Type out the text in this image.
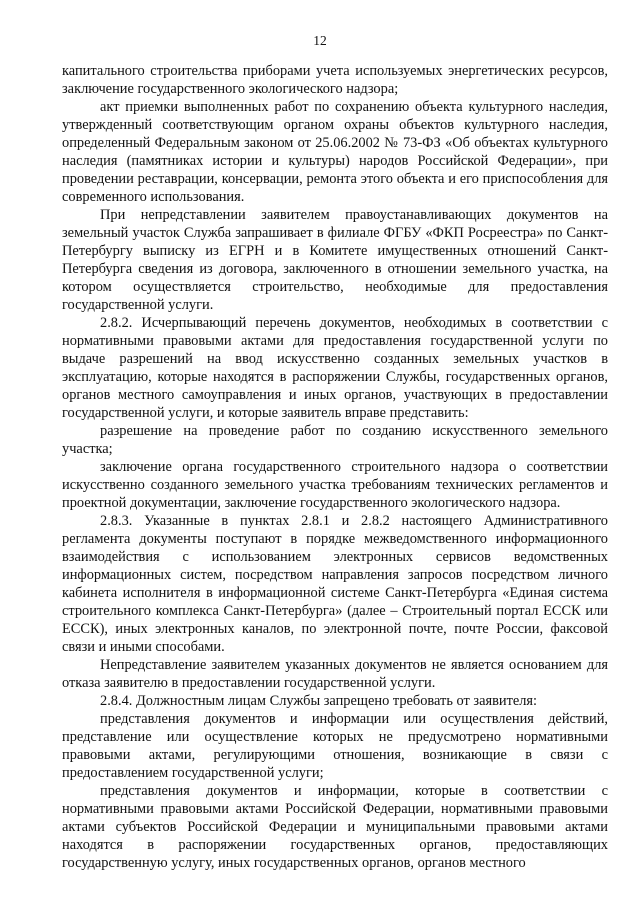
12

капитального строительства приборами учета используемых энергетических ресурсов, заключение государственного экологического надзора;

акт приемки выполненных работ по сохранению объекта культурного наследия, утвержденный соответствующим органом охраны объектов культурного наследия, определенный Федеральным законом от 25.06.2002 № 73-ФЗ «Об объектах культурного наследия (памятниках истории и культуры) народов Российской Федерации», при проведении реставрации, консервации, ремонта этого объекта и его приспособления для современного использования.

При непредставлении заявителем правоустанавливающих документов на земельный участок Служба запрашивает в филиале ФГБУ «ФКП Росреестра» по Санкт-Петербургу выписку из ЕГРН и в Комитете имущественных отношений Санкт-Петербурга сведения из договора, заключенного в отношении земельного участка, на котором осуществляется строительство, необходимые для предоставления государственной услуги.

2.8.2. Исчерпывающий перечень документов, необходимых в соответствии с нормативными правовыми актами для предоставления государственной услуги по выдаче разрешений на ввод искусственно созданных земельных участков в эксплуатацию, которые находятся в распоряжении Службы, государственных органов, органов местного самоуправления и иных органов, участвующих в предоставлении государственной услуги, и которые заявитель вправе представить:

разрешение на проведение работ по созданию искусственного земельного участка;

заключение органа государственного строительного надзора о соответствии искусственно созданного земельного участка требованиям технических регламентов и проектной документации, заключение государственного экологического надзора.

2.8.3. Указанные в пунктах 2.8.1 и 2.8.2 настоящего Административного регламента документы поступают в порядке межведомственного информационного взаимодействия с использованием электронных сервисов ведомственных информационных систем, посредством направления запросов посредством личного кабинета исполнителя в информационной системе Санкт-Петербурга «Единая система строительного комплекса Санкт-Петербурга» (далее – Строительный портал ЕССК или ЕССК), иных электронных каналов, по электронной почте, почте России, факсовой связи и иными способами.

Непредставление заявителем указанных документов не является основанием для отказа заявителю в предоставлении государственной услуги.

2.8.4. Должностным лицам Службы запрещено требовать от заявителя:

представления документов и информации или осуществления действий, представление или осуществление которых не предусмотрено нормативными правовыми актами, регулирующими отношения, возникающие в связи с предоставлением государственной услуги;

представления документов и информации, которые в соответствии с нормативными правовыми актами Российской Федерации, нормативными правовыми актами субъектов Российской Федерации и муниципальными правовыми актами находятся в распоряжении государственных органов, предоставляющих государственную услугу, иных государственных органов, органов местного
